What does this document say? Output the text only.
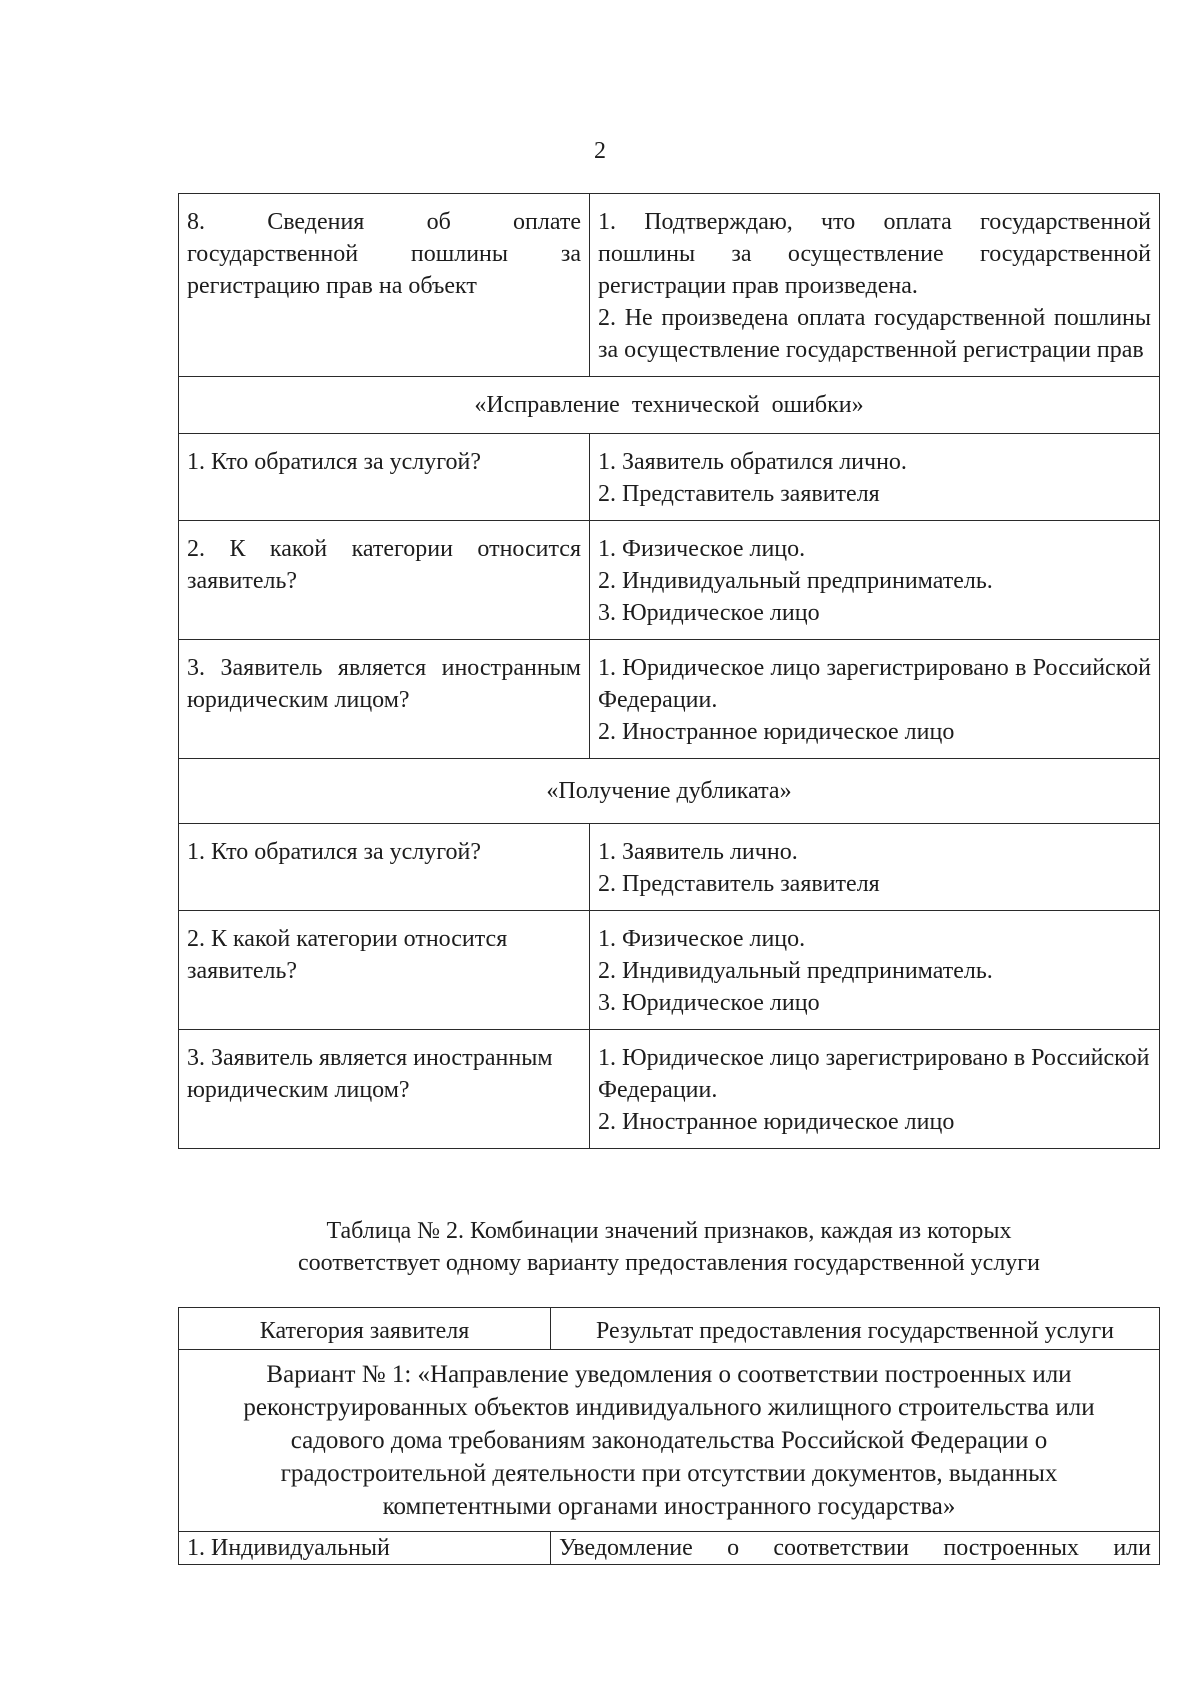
2
8. Сведения об оплате государственной пошлины за регистрацию прав на объект	1. Подтверждаю, что оплата государственной пошлины за осуществление государственной регистрации прав произведена.
2. Не произведена оплата государственной пошлины за осуществление государственной регистрации прав

«Исправление технической ошибки»	
1. Кто обратился за услугой?	1. Заявитель обратился лично.
2. Представитель заявителя

2. К какой категории относится заявитель?	1. Физическое лицо.
2. Индивидуальный предприниматель.
3. Юридическое лицо

3. Заявитель является иностранным юридическим лицом?	1. Юридическое лицо зарегистрировано в Российской Федерации.
2. Иностранное юридическое лицо

«Получение дубликата»	
1. Кто обратился за услугой?	1. Заявитель лично.
2. Представитель заявителя

2. К какой категории относится заявитель?	1. Физическое лицо.
2. Индивидуальный предприниматель.
3. Юридическое лицо

3. Заявитель является иностранным юридическим лицом?	1. Юридическое лицо зарегистрировано в Российской Федерации.
2. Иностранное юридическое лицо
Таблица № 2. Комбинации значений признаков, каждая из которых
соответствует одному варианту предоставления государственной услуги
Категория заявителя	Результат предоставления государственной услуги
Вариант № 1: «Направление уведомления о соответствии построенных или реконструированных объектов индивидуального жилищного строительства или садового дома требованиям законодательства Российской Федерации о градостроительной деятельности при отсутствии документов, выданных компетентными органами иностранного государства»	
1. Индивидуальный	Уведомление о соответствии построенных или
